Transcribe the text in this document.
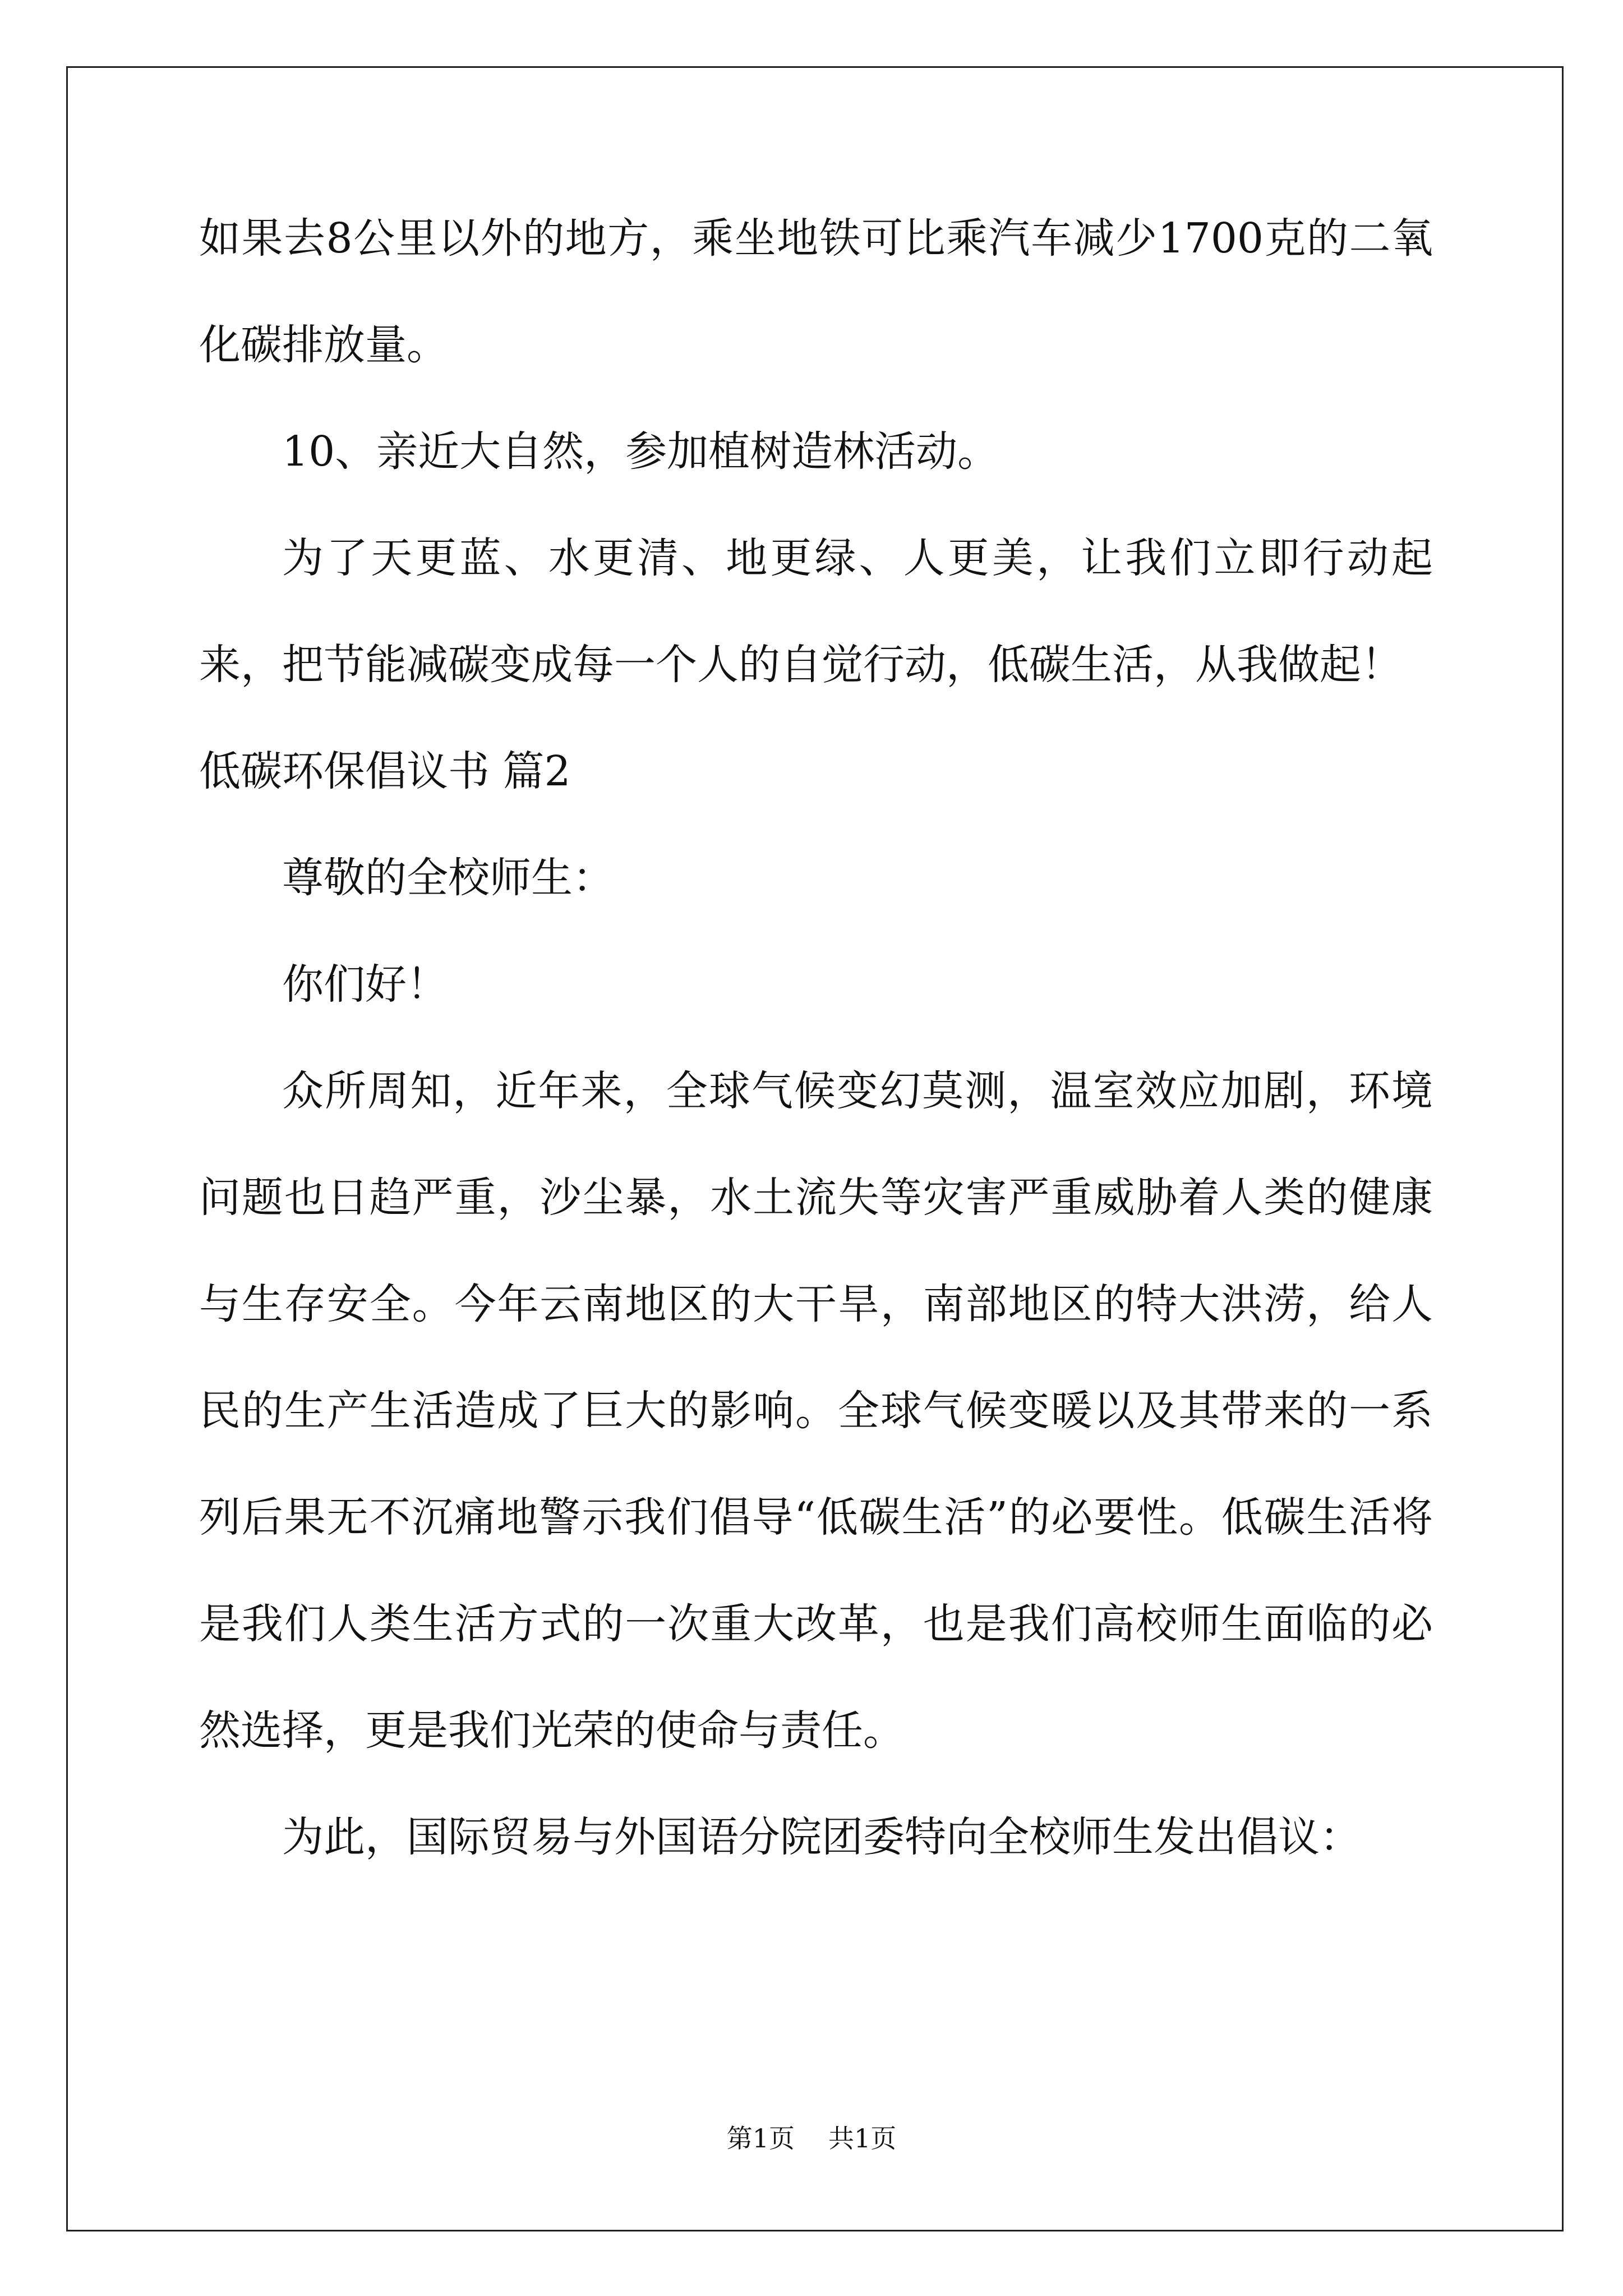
如果去8公里以外的地方，乘坐地铁可比乘汽车减少1700克的二氧化碳排放量。

10、亲近大自然，参加植树造林活动。

为了天更蓝、水更清、地更绿、人更美，让我们立即行动起来，把节能减碳变成每一个人的自觉行动，低碳生活，从我做起！

低碳环保倡议书 篇2

尊敬的全校师生：

你们好！

众所周知，近年来，全球气候变幻莫测，温室效应加剧，环境问题也日趋严重，沙尘暴，水土流失等灾害严重威胁着人类的健康与生存安全。今年云南地区的大干旱，南部地区的特大洪涝，给人民的生产生活造成了巨大的影响。全球气候变暖以及其带来的一系列后果无不沉痛地警示我们倡导“低碳生活”的必要性。低碳生活将是我们人类生活方式的一次重大改革，也是我们高校师生面临的必然选择，更是我们光荣的使命与责任。

为此，国际贸易与外国语分院团委特向全校师生发出倡议：

第1页 共1页
